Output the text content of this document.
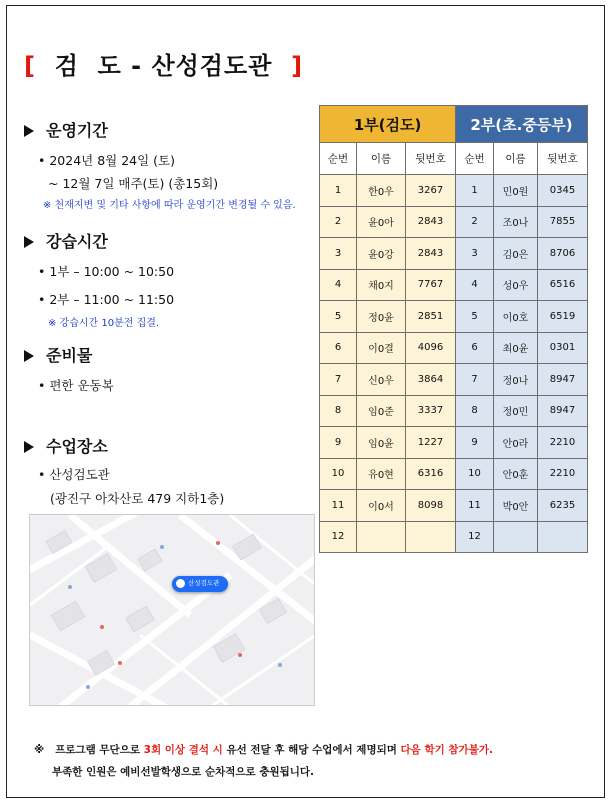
[ 검  도 - 산성검도관 ]
운영기간
• 2024년 8월 24일 (토)
~ 12월 7일 매주(토) (총15회)
※ 천재지변 및 기타 사항에 따라 운영기간 변경될 수 있음.
강습시간
• 1부 – 10:00 ~ 10:50
• 2부 – 11:00 ~ 11:50
※ 강습시간 10분전 집결.
준비물
• 편한 운동복
수업장소
• 산성검도관
(광진구 아차산로 479 지하1층)
산성검도관
1부(검도)		
순번	이름	뒷번호
1	한0우	3267
2	윤0아	2843
3	윤0강	2843
4	채0지	7767
5	정0윤	2851
6	이0결	4096
7	신0우	3864
8	임0준	3337
9	임0윤	1227
10	유0현	6316
11	이0서	8098
12		
2부(초.중등부)		
순번	이름	뒷번호
1	민0원	0345
2	조0나	7855
3	김0은	8706
4	성0우	6516
5	이0호	6519
6	최0윤	0301
7	정0나	8947
8	정0민	8947
9	안0라	2210
10	안0훈	2210
11	박0안	6235
12		
※ 프로그램 무단으로 3회 이상 결석 시 유선 전달 후 해당 수업에서 제명되며 다음 학기 참가불가.
부족한 인원은 예비선발학생으로 순차적으로 충원됩니다.
